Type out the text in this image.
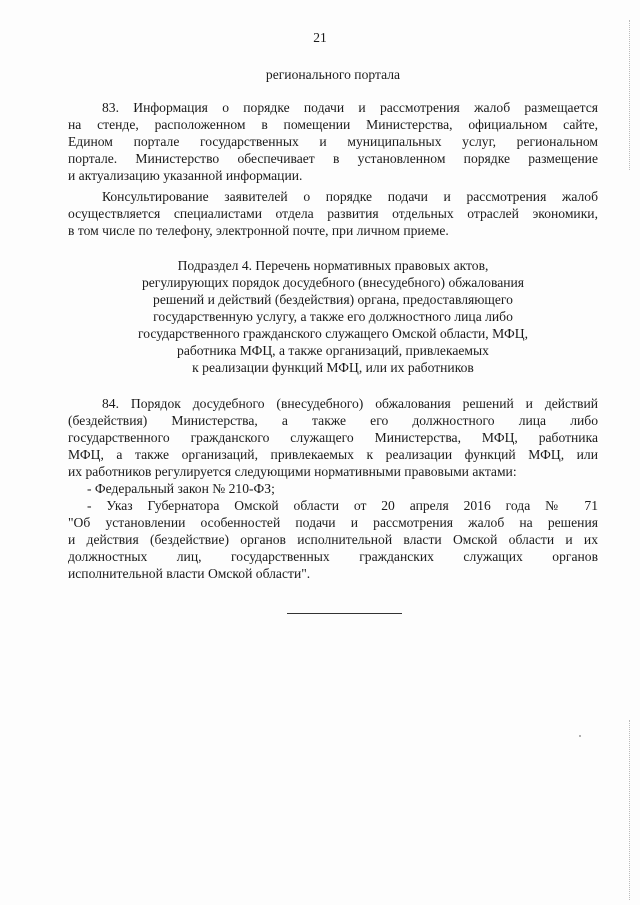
21
регионального портала
83. Информация о порядке подачи и рассмотрения жалоб размещается
на стенде, расположенном в помещении Министерства, официальном сайте,
Едином портале государственных и муниципальных услуг, региональном
портале. Министерство обеспечивает в установленном порядке размещение
и актуализацию указанной информации.
Консультирование заявителей о порядке подачи и рассмотрения жалоб
осуществляется специалистами отдела развития отдельных отраслей экономики,
в том числе по телефону, электронной почте, при личном приеме.
Подраздел 4. Перечень нормативных правовых актов,
регулирующих порядок досудебного (внесудебного) обжалования
решений и действий (бездействия) органа, предоставляющего
государственную услугу, а также его должностного лица либо
государственного гражданского служащего Омской области, МФЦ,
работника МФЦ, а также организаций, привлекаемых
к реализации функций МФЦ, или их работников
84. Порядок досудебного (внесудебного) обжалования решений и действий
(бездействия) Министерства, а также его должностного лица либо
государственного гражданского служащего Министерства, МФЦ, работника
МФЦ, а также организаций, привлекаемых к реализации функций МФЦ, или
их работников регулируется следующими нормативными правовыми актами:
- Федеральный закон № 210-ФЗ;
- Указ Губернатора Омской области от 20 апреля 2016 года № 71
"Об установлении особенностей подачи и рассмотрения жалоб на решения
и действия (бездействие) органов исполнительной власти Омской области и их
должностных лиц, государственных гражданских служащих органов
исполнительной власти Омской области".
